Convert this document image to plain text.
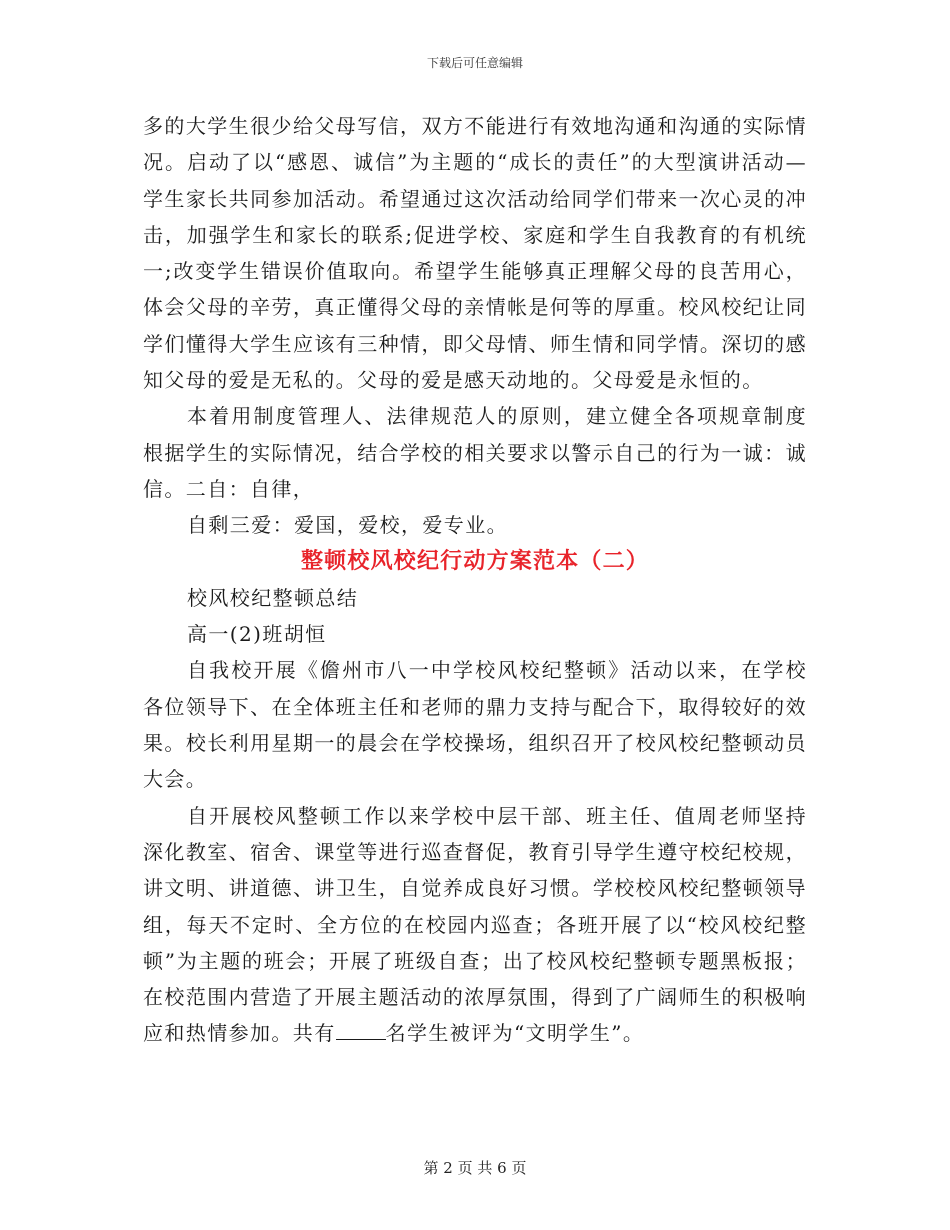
下载后可任意编辑

多的大学生很少给父母写信，双方不能进行有效地沟通和沟通的实际情况。启动了以“感恩、诚信”为主题的“成长的责任”的大型演讲活动—学生家长共同参加活动。希望通过这次活动给同学们带来一次心灵的冲击，加强学生和家长的联系;促进学校、家庭和学生自我教育的有机统一;改变学生错误价值取向。希望学生能够真正理解父母的良苦用心，体会父母的辛劳，真正懂得父母的亲情帐是何等的厚重。校风校纪让同学们懂得大学生应该有三种情，即父母情、师生情和同学情。深切的感知父母的爱是无私的。父母的爱是感天动地的。父母爱是永恒的。

本着用制度管理人、法律规范人的原则，建立健全各项规章制度根据学生的实际情况，结合学校的相关要求以警示自己的行为一诚：诚信。二自：自律，

自剩三爱：爱国，爱校，爱专业。

整顿校风校纪行动方案范本（二）

校风校纪整顿总结

高一(2)班胡恒

自我校开展《儋州市八一中学校风校纪整顿》活动以来，在学校各位领导下、在全体班主任和老师的鼎力支持与配合下，取得较好的效果。校长利用星期一的晨会在学校操场，组织召开了校风校纪整顿动员大会。

自开展校风整顿工作以来学校中层干部、班主任、值周老师坚持深化教室、宿舍、课堂等进行巡查督促，教育引导学生遵守校纪校规，讲文明、讲道德、讲卫生，自觉养成良好习惯。学校校风校纪整顿领导组，每天不定时、全方位的在校园内巡查；各班开展了以“校风校纪整顿”为主题的班会；开展了班级自查；出了校风校纪整顿专题黑板报；在校范围内营造了开展主题活动的浓厚氛围，得到了广阔师生的积极响应和热情参加。共有	名学生被评为“文明学生”。

第 2 页 共 6 页
